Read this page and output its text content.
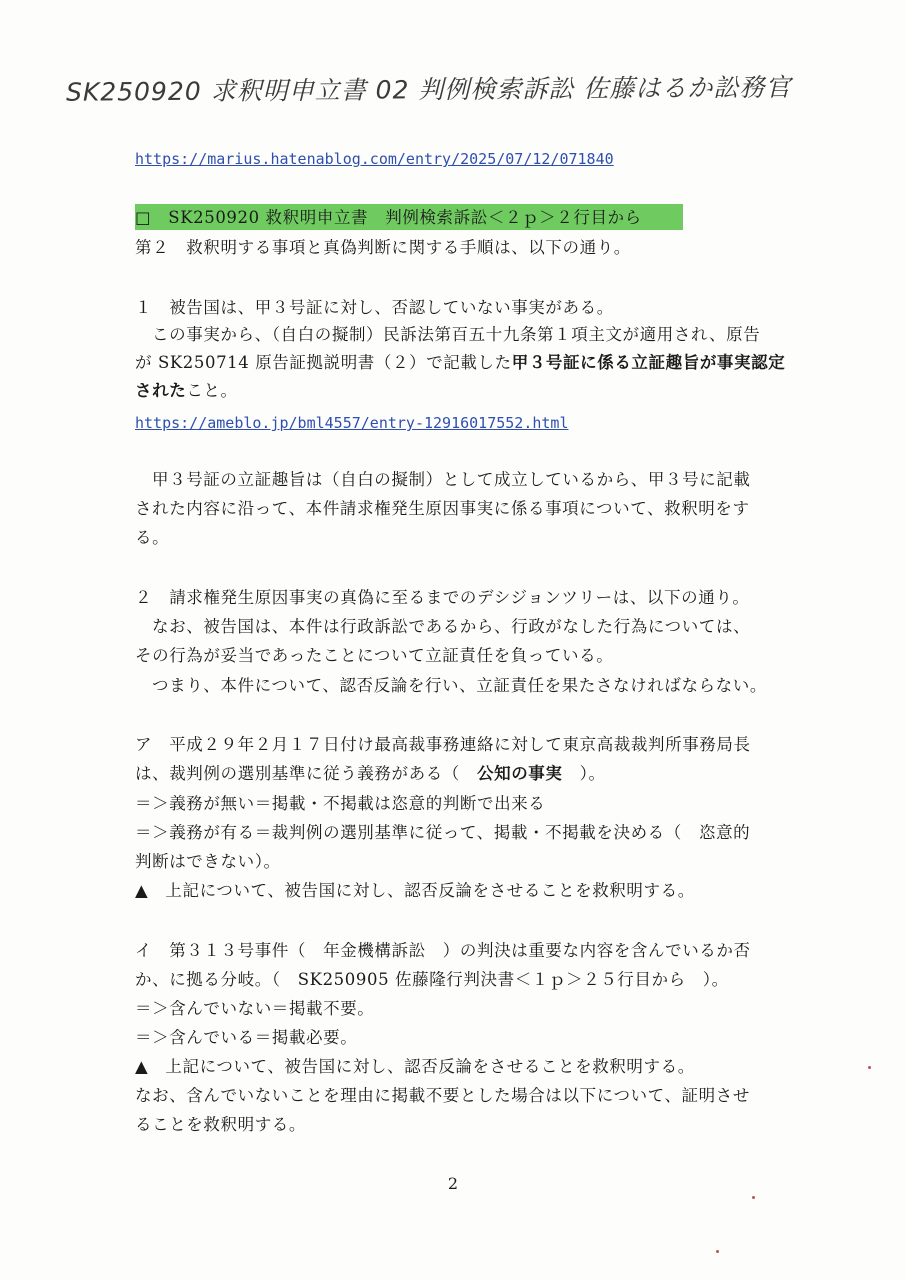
SK250920 求釈明申立書 02 判例検索訴訟 佐藤はるか訟務官
https://marius.hatenablog.com/entry/2025/07/12/071840
□　SK250920 救釈明申立書　判例検索訴訟＜２ｐ＞２行目から
第２　救釈明する事項と真偽判断に関する手順は、以下の通り。
１　被告国は、甲３号証に対し、否認していない事実がある。
この事実から、（自白の擬制）民訴法第百五十九条第１項主文が適用され、原告
が SK250714 原告証拠説明書（２）で記載した甲３号証に係る立証趣旨が事実認定
されたこと。
https://ameblo.jp/bml4557/entry-12916017552.html
甲３号証の立証趣旨は（自白の擬制）として成立しているから、甲３号に記載
された内容に沿って、本件請求権発生原因事実に係る事項について、救釈明をす
る。
２　請求権発生原因事実の真偽に至るまでのデシジョンツリーは、以下の通り。
なお、被告国は、本件は行政訴訟であるから、行政がなした行為については、
その行為が妥当であったことについて立証責任を負っている。
つまり、本件について、認否反論を行い、立証責任を果たさなければならない。
ア　平成２９年２月１７日付け最高裁事務連絡に対して東京高裁裁判所事務局長
は、裁判例の選別基準に従う義務がある（　公知の事実　）。
＝＞義務が無い＝掲載・不掲載は恣意的判断で出来る
＝＞義務が有る＝裁判例の選別基準に従って、掲載・不掲載を決める（　恣意的
判断はできない）。
▲　上記について、被告国に対し、認否反論をさせることを救釈明する。
イ　第３１３号事件（　年金機構訴訟　）の判決は重要な内容を含んでいるか否
か、に拠る分岐。（　SK250905 佐藤隆行判決書＜１ｐ＞２５行目から　）。
＝＞含んでいない＝掲載不要。
＝＞含んでいる＝掲載必要。
▲　上記について、被告国に対し、認否反論をさせることを救釈明する。
なお、含んでいないことを理由に掲載不要とした場合は以下について、証明させ
ることを救釈明する。
2
